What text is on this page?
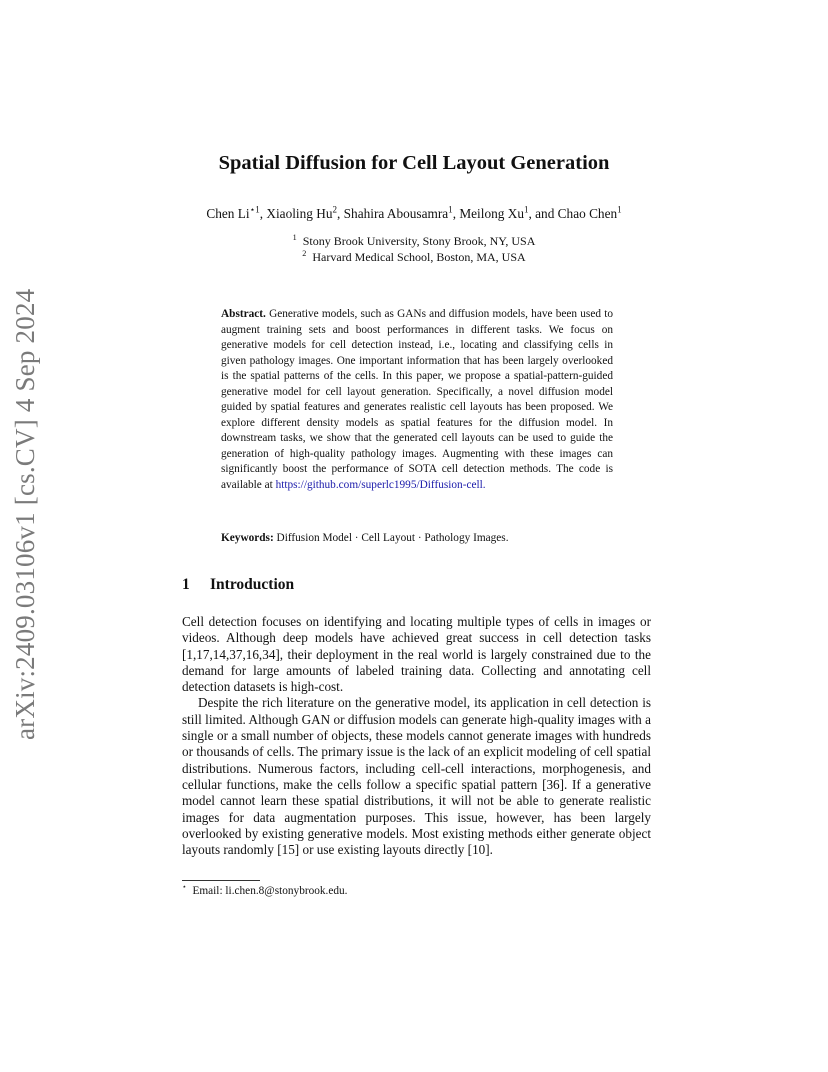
arXiv:2409.03106v1 [cs.CV] 4 Sep 2024
Spatial Diffusion for Cell Layout Generation
Chen $Li^{⋆1}$, Xiaoling Hu$^2$, Shahira Abousamra$^1$, Meilong Xu$^1$, and Chao Chen$^1$
$^1$ Stony Brook University, Stony Brook, NY, USA
$^2$ Harvard Medical School, Boston, MA, USA
Abstract. Generative models, such as GANs and diffusion models, have been used to augment training sets and boost performances in different tasks. We focus on generative models for cell detection instead, i.e., locating and classifying cells in given pathology images. One important information that has been largely overlooked is the spatial patterns of the cells. In this paper, we propose a spatial-pattern-guided generative model for cell layout generation. Specifically, a novel diffusion model guided by spatial features and generates realistic cell layouts has been proposed. We explore different density models as spatial features for the diffusion model. In downstream tasks, we show that the generated cell layouts can be used to guide the generation of high-quality pathology images. Augmenting with these images can significantly boost the performance of SOTA cell detection methods. The code is available at https://github.com/superlc1995/Diffusion-cell.
Keywords: Diffusion Model · Cell Layout · Pathology Images.
1 Introduction

Cell detection focuses on identifying and locating multiple types of cells in images or videos. Although deep models have achieved great success in cell detection tasks [1,17,14,37,16,34], their deployment in the real world is largely constrained due to the demand for large amounts of labeled training data. Collecting and annotating cell detection datasets is high-cost.

Despite the rich literature on the generative model, its application in cell detection is still limited. Although GAN or diffusion models can generate high-quality images with a single or a small number of objects, these models cannot generate images with hundreds or thousands of cells. The primary issue is the lack of an explicit modeling of cell spatial distributions. Numerous factors, including cell-cell interactions, morphogenesis, and cellular functions, make the cells follow a specific spatial pattern [36]. If a generative model cannot learn these spatial distributions, it will not be able to generate realistic images for data augmentation purposes. This issue, however, has been largely overlooked by existing generative models. Most existing methods either generate object layouts randomly [15] or use existing layouts directly [10].

⋆ Email: li.chen.8@stonybrook.edu.
